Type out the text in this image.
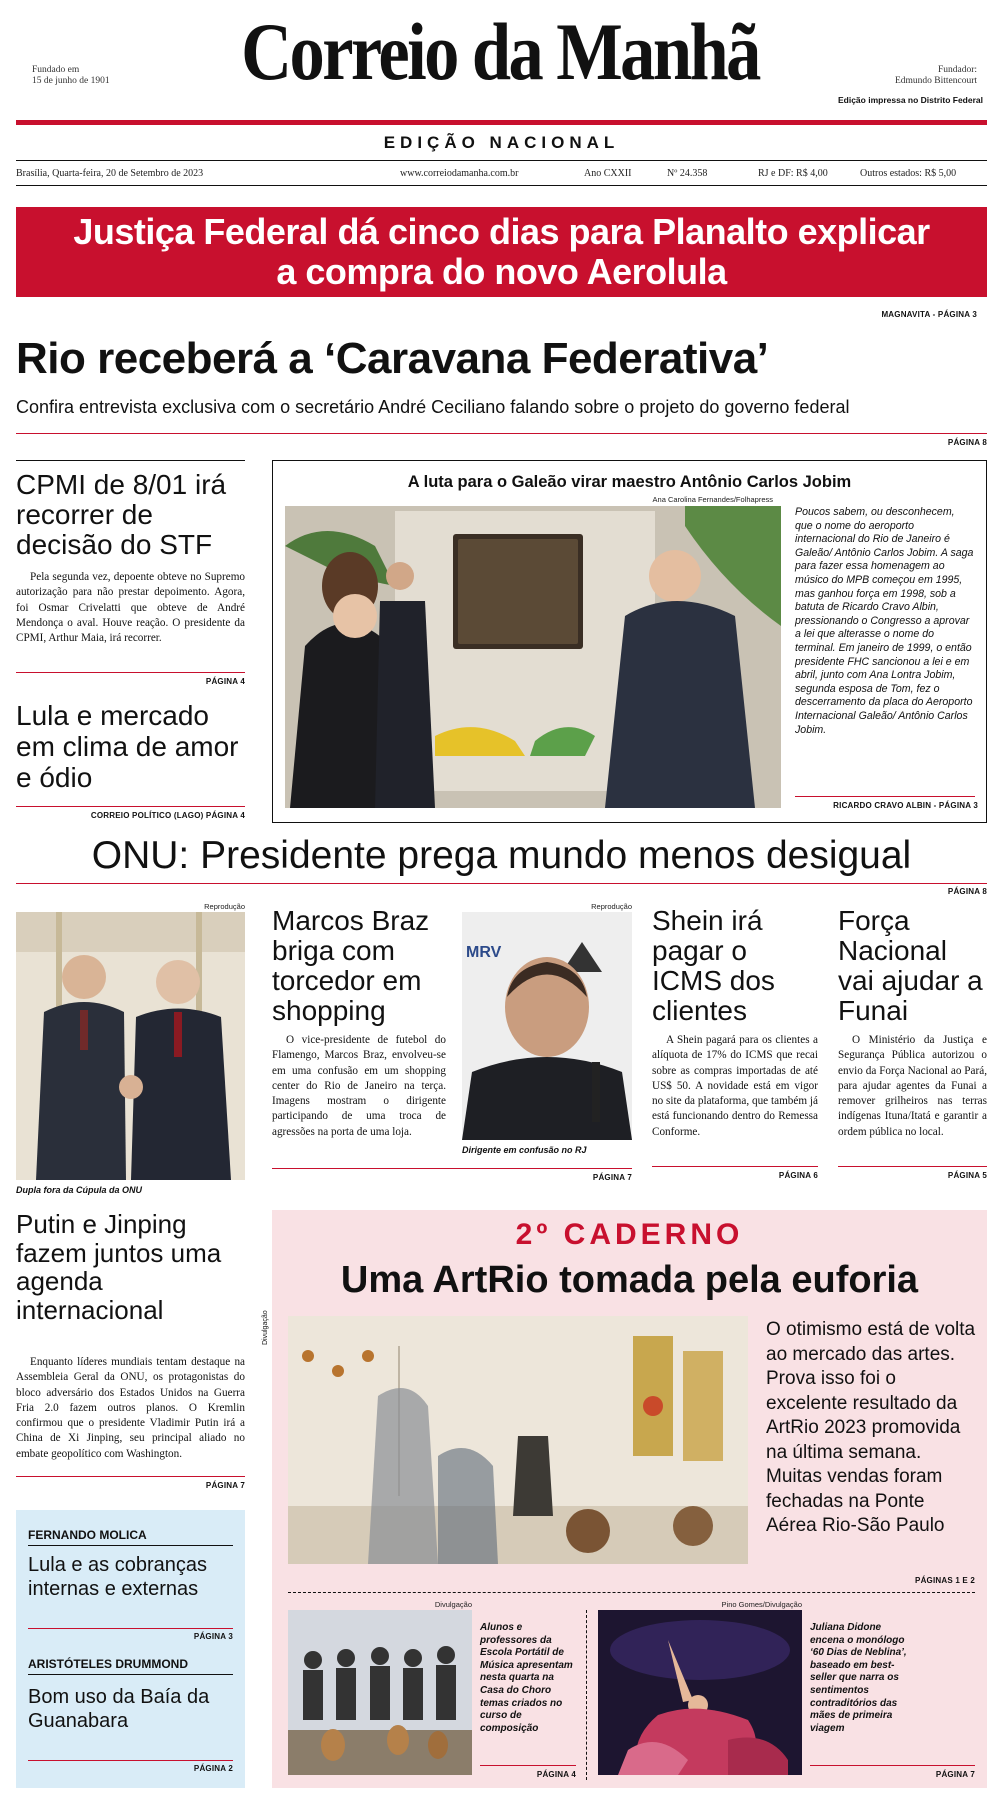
Fundado em
15 de junho de 1901 Correio da Manhã	Fundador:
Edmundo Bittencourt
Edição impressa no Distrito Federal
EDIÇÃO NACIONAL
Brasília, Quarta-feira, 20 de Setembro de 2023	www.correiodamanha.com.br	Ano CXXII	Nº 24.358	RJ e DF: R$ 4,00	Outros estados: R$ 5,00
Justiça Federal dá cinco dias para Planalto explicar a compra do novo Aerolula
MAGNAVITA - PÁGINA 3
Rio receberá a ‘Caravana Federativa’
Confira entrevista exclusiva com o secretário André Ceciliano falando sobre o projeto do governo federal
PÁGINA 8
CPMI de 8/01 irá recorrer de decisão do STF
Pela segunda vez, depoente obteve no Supremo autorização para não prestar depoimento. Agora, foi Osmar Crivelatti que obteve de André Mendonça o aval. Houve reação. O presidente da CPMI, Arthur Maia, irá recorrer.
PÁGINA 4
Lula e mercado em clima de amor e ódio
CORREIO POLÍTICO (LAGO) PÁGINA 4
A luta para o Galeão virar maestro Antônio Carlos Jobim
Ana Carolina Fernandes/Folhapress
Poucos sabem, ou desconhecem, que o nome do aeroporto internacional do Rio de Janeiro é Galeão/ Antônio Carlos Jobim. A saga para fazer essa homenagem ao músico do MPB começou em 1995, mas ganhou força em 1998, sob a batuta de Ricardo Cravo Albin, pressionando o Congresso a aprovar a lei que alterasse o nome do terminal. Em janeiro de 1999, o então presidente FHC sancionou a lei e em abril, junto com Ana Lontra Jobim, segunda esposa de Tom, fez o descerramento da placa do Aeroporto Internacional Galeão/ Antônio Carlos Jobim.
RICARDO CRAVO ALBIN - PÁGINA 3
ONU: Presidente prega mundo menos desigual
PÁGINA 8
Reprodução
Dupla fora da Cúpula da ONU
Marcos Braz briga com torcedor em shopping
O vice-presidente de futebol do Flamengo, Marcos Braz, envolveu-se em uma confusão em um shopping center do Rio de Janeiro na terça. Imagens mostram o dirigente participando de uma troca de agressões na porta de uma loja.
Reprodução
MRV
Dirigente em confusão no RJ
PÁGINA 7
Shein irá pagar o ICMS dos clientes
A Shein pagará para os clientes a alíquota de 17% do ICMS que recai sobre as compras importadas de até US$ 50. A novidade está em vigor no site da plataforma, que também já está funcionando dentro do Remessa Conforme.
PÁGINA 6
Força Nacional vai ajudar a Funai
O Ministério da Justiça e Segurança Pública autorizou o envio da Força Nacional ao Pará, para ajudar agentes da Funai a remover grilheiros nas terras indígenas Ituna/Itatá e garantir a ordem pública no local.
PÁGINA 5
Putin e Jinping fazem juntos uma agenda internacional
Enquanto líderes mundiais tentam destaque na Assembleia Geral da ONU, os protagonistas do bloco adversário dos Estados Unidos na Guerra Fria 2.0 fazem outros planos. O Kremlin confirmou que o presidente Vladimir Putin irá a China de Xi Jinping, seu principal aliado no embate geopolítico com Washington.
PÁGINA 7
FERNANDO MOLICA
Lula e as cobranças internas e externas
PÁGINA 3
ARISTÓTELES DRUMMOND
Bom uso da Baía da Guanabara
PÁGINA 2
2º CADERNO
Uma ArtRio tomada pela euforia
Divulgação	O otimismo está de volta ao mercado das artes. Prova isso foi o excelente resultado da ArtRio 2023 promovida na última semana. Muitas vendas foram fechadas na Ponte Aérea Rio-São Paulo
PÁGINAS 1 E 2
Divulgação
Alunos e professores da Escola Portátil de Música apresentam nesta quarta na Casa do Choro temas criados no curso de composição
PÁGINA 4
Pino Gomes/Divulgação
Juliana Didone encena o monólogo ‘60 Dias de Neblina’, baseado em best-seller que narra os sentimentos contraditórios das mães de primeira viagem
PÁGINA 7
